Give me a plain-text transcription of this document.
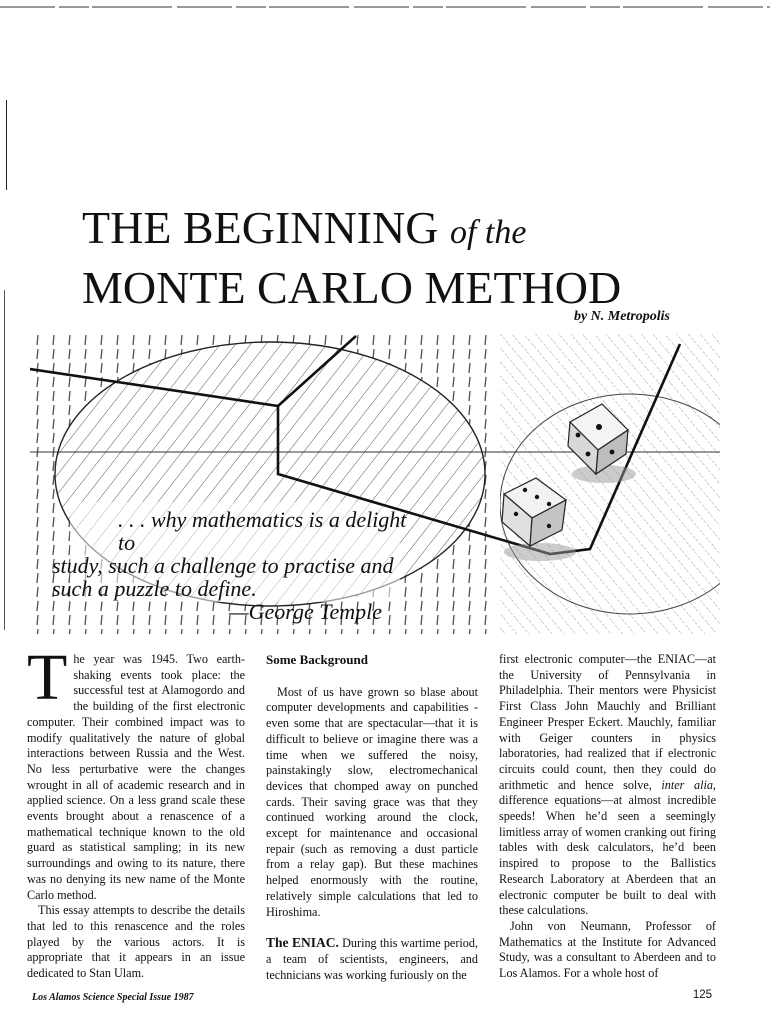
THE BEGINNING of the
MONTE CARLO METHOD
by N. Metropolis
. . . why mathematics is a delight to
study, such a challenge to practise and
such a puzzle to define.
—George Temple

The year was 1945. Two earth-shaking events took place: the successful test at Alamogordo and the building of the first electronic computer. Their combined impact was to modify qualitatively the nature of global interactions between Russia and the West. No less perturbative were the changes wrought in all of academic research and in applied science. On a less grand scale these events brought about a renascence of a mathematical technique known to the old guard as statistical sampling; in its new surroundings and owing to its nature, there was no denying its new name of the Monte Carlo method.

This essay attempts to describe the details that led to this renascence and the roles played by the various actors. It is appropriate that it appears in an issue dedicated to Stan Ulam.

Some Background

Most of us have grown so blase about computer developments and capabilities -even some that are spectacular—that it is difficult to believe or imagine there was a time when we suffered the noisy, painstakingly slow, electromechanical devices that chomped away on punched cards. Their saving grace was that they continued working around the clock, except for maintenance and occasional repair (such as removing a dust particle from a relay gap). But these machines helped enormously with the routine, relatively simple calculations that led to Hiroshima.

The ENIAC. During this wartime period, a team of scientists, engineers, and technicians was working furiously on the

first electronic computer—the ENIAC—at the University of Pennsylvania in Philadelphia. Their mentors were Physicist First Class John Mauchly and Brilliant Engineer Presper Eckert. Mauchly, familiar with Geiger counters in physics laboratories, had realized that if electronic circuits could count, then they could do arithmetic and hence solve, inter alia, difference equations—at almost incredible speeds! When he’d seen a seemingly limitless array of women cranking out firing tables with desk calculators, he’d been inspired to propose to the Ballistics Research Laboratory at Aberdeen that an electronic computer be built to deal with these calculations.

John von Neumann, Professor of Mathematics at the Institute for Advanced Study, was a consultant to Aberdeen and to Los Alamos. For a whole host of

Los Alamos Science Special Issue 1987	125
